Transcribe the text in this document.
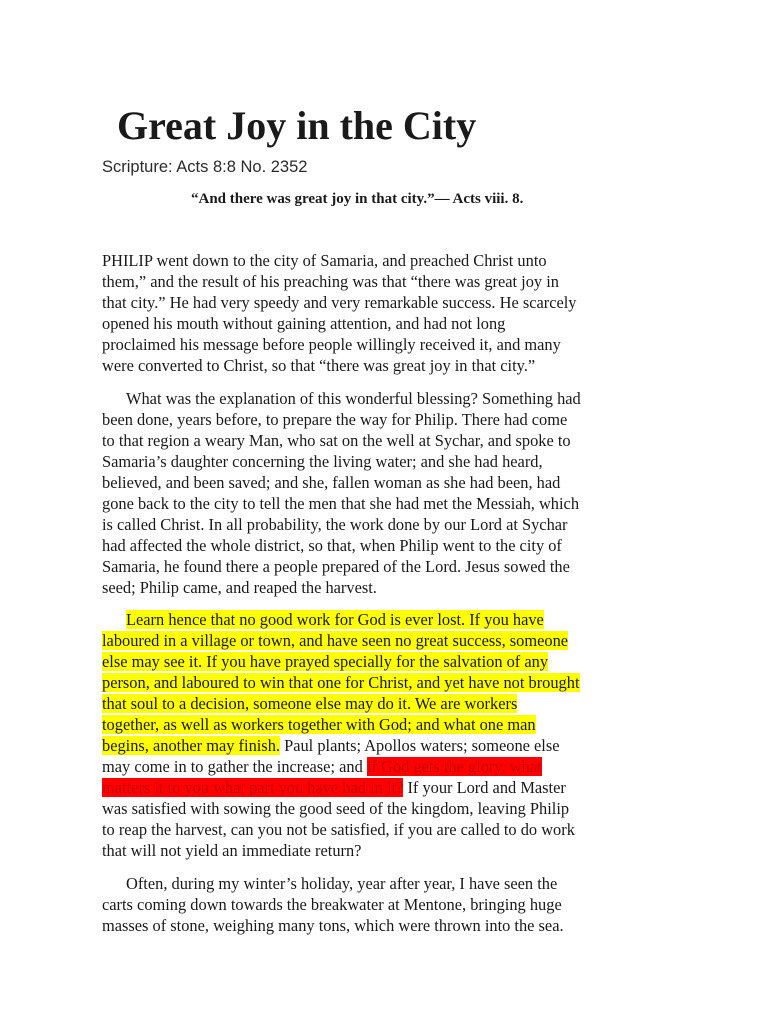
Great Joy in the City
Scripture: Acts 8:8 No. 2352
“And there was great joy in that city.”— Acts viii. 8.
PHILIP went down to the city of Samaria, and preached Christ unto
them,” and the result of his preaching was that “there was great joy in
that city.” He had very speedy and very remarkable success. He scarcely
opened his mouth without gaining attention, and had not long
proclaimed his message before people willingly received it, and many
were converted to Christ, so that “there was great joy in that city.”
What was the explanation of this wonderful blessing? Something had
been done, years before, to prepare the way for Philip. There had come
to that region a weary Man, who sat on the well at Sychar, and spoke to
Samaria’s daughter concerning the living water; and she had heard,
believed, and been saved; and she, fallen woman as she had been, had
gone back to the city to tell the men that she had met the Messiah, which
is called Christ. In all probability, the work done by our Lord at Sychar
had affected the whole district, so that, when Philip went to the city of
Samaria, he found there a people prepared of the Lord. Jesus sowed the
seed; Philip came, and reaped the harvest.
Learn hence that no good work for God is ever lost. If you have
laboured in a village or town, and have seen no great success, someone
else may see it. If you have prayed specially for the salvation of any
person, and laboured to win that one for Christ, and yet have not brought
that soul to a decision, someone else may do it. We are workers
together, as well as workers together with God; and what one man
begins, another may finish. Paul plants; Apollos waters; someone else
may come in to gather the increase; and if God gets the glory, what
matters it to you what part you have had in it? If your Lord and Master
was satisfied with sowing the good seed of the kingdom, leaving Philip
to reap the harvest, can you not be satisfied, if you are called to do work
that will not yield an immediate return?
Often, during my winter’s holiday, year after year, I have seen the
carts coming down towards the breakwater at Mentone, bringing huge
masses of stone, weighing many tons, which were thrown into the sea.
